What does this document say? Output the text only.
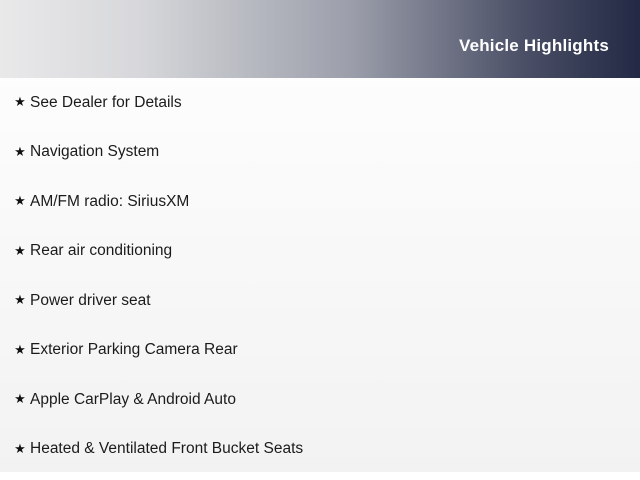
Vehicle Highlights
★ See Dealer for Details
★ Navigation System
★ AM/FM radio: SiriusXM
★ Rear air conditioning
★ Power driver seat
★ Exterior Parking Camera Rear
★ Apple CarPlay & Android Auto
★ Heated & Ventilated Front Bucket Seats
